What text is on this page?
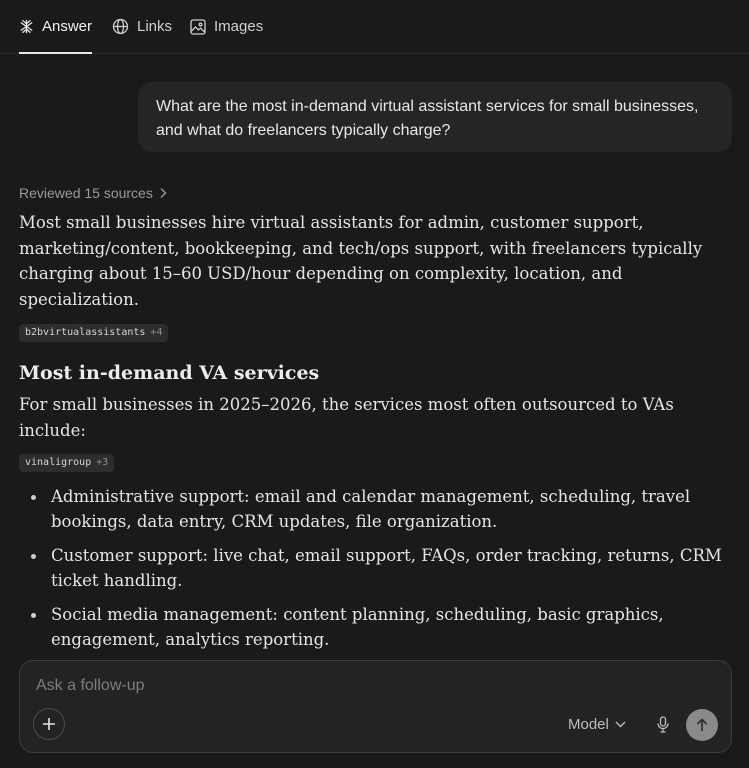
Answer	Links	Images
What are the most in-demand virtual assistant services for small businesses, and what do freelancers typically charge?
Reviewed 15 sources

Most small businesses hire virtual assistants for admin, customer support, marketing/content, bookkeeping, and tech/ops support, with freelancers typically charging about 15–60 USD/hour depending on complexity, location, and specialization.

b2bvirtualassistants +4
Most in-demand VA services

For small businesses in 2025–2026, the services most often outsourced to VAs include:

vinaligroup +3
Administrative support: email and calendar management, scheduling, travel bookings, data entry, CRM updates, file organization.
Customer support: live chat, email support, FAQs, order tracking, returns, CRM ticket handling.
Social media management: content planning, scheduling, basic graphics, engagement, analytics reporting.
Ask a follow-up
Model
